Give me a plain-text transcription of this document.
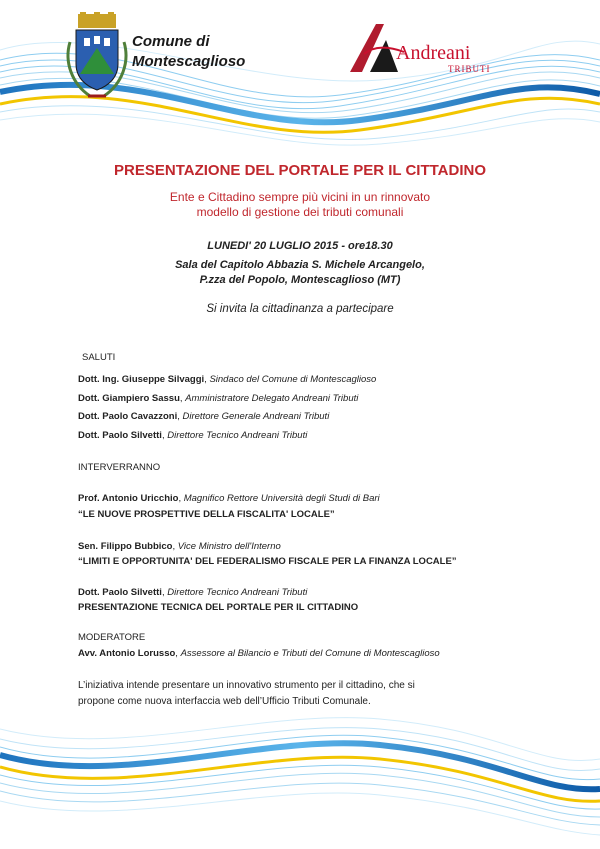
Comune di
Montescaglioso	Andreani
TRIBUTI
PRESENTAZIONE DEL PORTALE PER IL CITTADINO
Ente e Cittadino sempre più vicini in un rinnovato
modello di gestione dei tributi comunali
LUNEDI' 20 LUGLIO 2015 - ore18.30
Sala del Capitolo Abbazia S. Michele Arcangelo,
P.zza del Popolo, Montescaglioso (MT)
Si invita la cittadinanza a partecipare
SALUTI
Dott. Ing. Giuseppe Silvaggi, Sindaco del Comune di Montescaglioso
Dott. Giampiero Sassu, Amministratore Delegato Andreani Tributi
Dott. Paolo Cavazzoni, Direttore Generale Andreani Tributi
Dott. Paolo Silvetti, Direttore Tecnico Andreani Tributi
INTERVERRANNO
Prof. Antonio Uricchio, Magnifico Rettore Università degli Studi di Bari
“LE NUOVE PROSPETTIVE DELLA FISCALITA' LOCALE”
Sen. Filippo Bubbico, Vice Ministro dell'Interno
“LIMITI E OPPORTUNITA' DEL FEDERALISMO FISCALE PER LA FINANZA LOCALE”
Dott. Paolo Silvetti, Direttore Tecnico Andreani Tributi
PRESENTAZIONE TECNICA DEL PORTALE PER IL CITTADINO
MODERATORE
Avv. Antonio Lorusso, Assessore al Bilancio e Tributi del Comune di Montescaglioso
L’iniziativa intende presentare un innovativo strumento per il cittadino, che si
propone come nuova interfaccia web dell’Ufficio Tributi Comunale.
